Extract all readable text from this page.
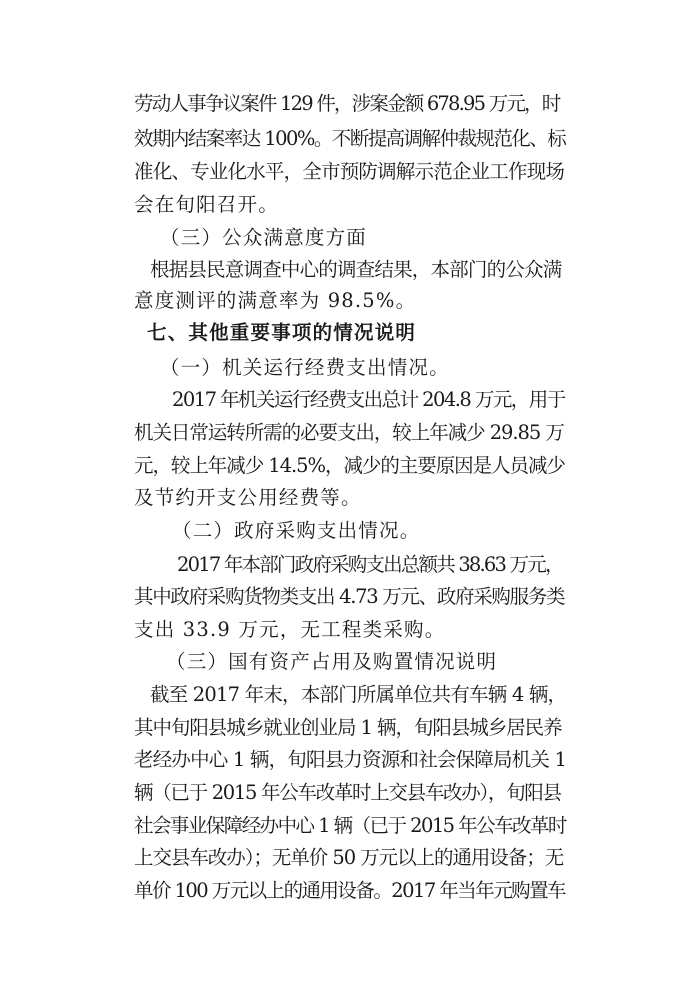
劳动人事争议案件 129 件，涉案金额 678.95 万元，时
效期内结案率达 100%。不断提高调解仲裁规范化、标
准化、专业化水平，全市预防调解示范企业工作现场
会在旬阳召开。
（三）公众满意度方面
根据县民意调查中心的调查结果，本部门的公众满
意度测评的满意率为 98.5%。
七、其他重要事项的情况说明
（一）机关运行经费支出情况。
2017 年机关运行经费支出总计 204.8 万元，用于
机关日常运转所需的必要支出，较上年减少 29.85 万
元，较上年减少 14.5%，减少的主要原因是人员减少
及节约开支公用经费等。
（二）政府采购支出情况。
2017 年本部门政府采购支出总额共 38.63 万元，
其中政府采购货物类支出 4.73 万元、政府采购服务类
支出 33.9 万元，无工程类采购。
（三）国有资产占用及购置情况说明
截至 2017 年末，本部门所属单位共有车辆 4 辆，
其中旬阳县城乡就业创业局 1 辆，旬阳县城乡居民养
老经办中心 1 辆，旬阳县力资源和社会保障局机关 1
辆（已于 2015 年公车改革时上交县车改办），旬阳县
社会事业保障经办中心 1 辆（已于 2015 年公车改革时
上交县车改办）；无单价 50 万元以上的通用设备；无
单价 100 万元以上的通用设备。2017 年当年元购置车
